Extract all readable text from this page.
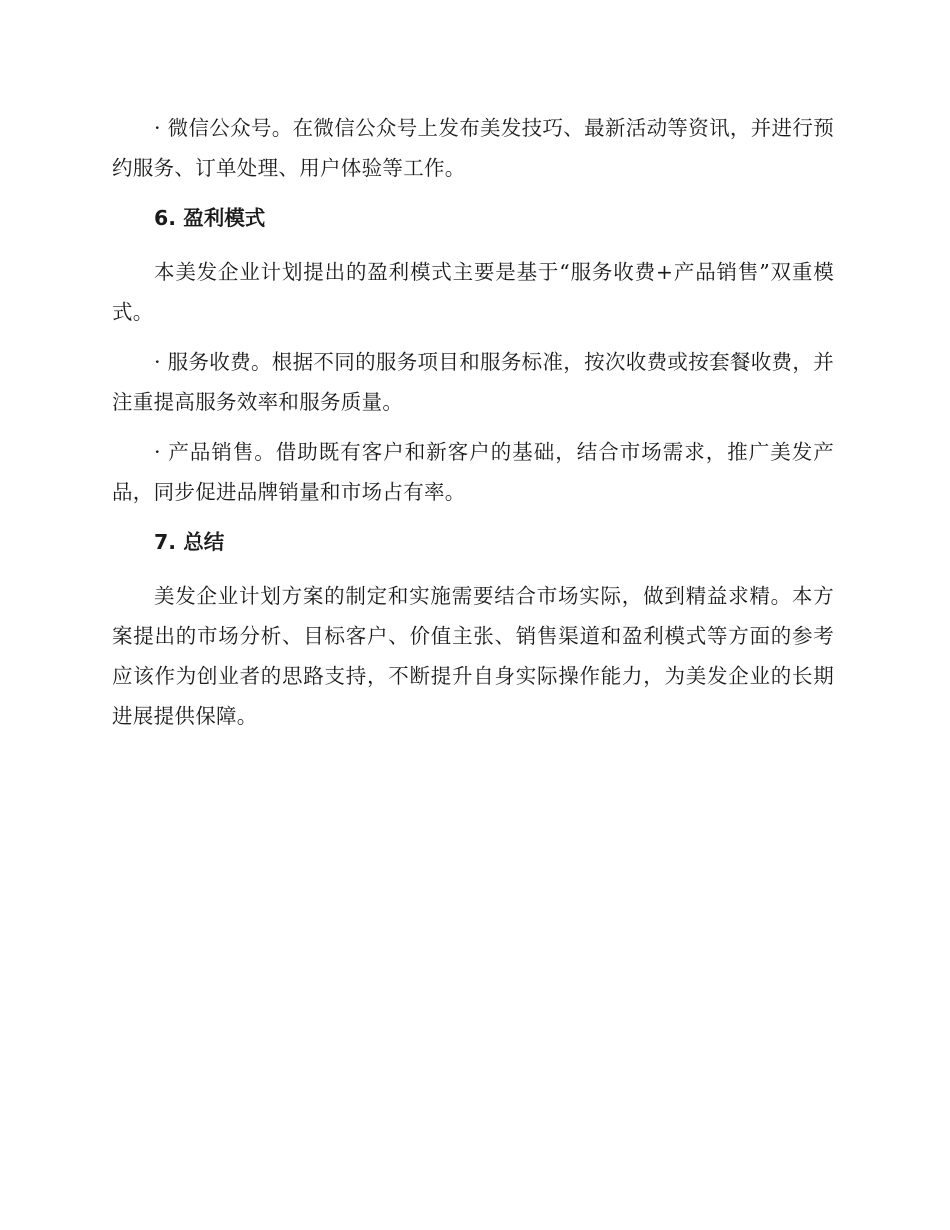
· 微信公众号。在微信公众号上发布美发技巧、最新活动等资讯，并进行预约服务、订单处理、用户体验等工作。

6. 盈利模式

本美发企业计划提出的盈利模式主要是基于“服务收费+产品销售”双重模式。

· 服务收费。根据不同的服务项目和服务标准，按次收费或按套餐收费，并注重提高服务效率和服务质量。

· 产品销售。借助既有客户和新客户的基础，结合市场需求，推广美发产品，同步促进品牌销量和市场占有率。

7. 总结

美发企业计划方案的制定和实施需要结合市场实际，做到精益求精。本方案提出的市场分析、目标客户、价值主张、销售渠道和盈利模式等方面的参考应该作为创业者的思路支持，不断提升自身实际操作能力，为美发企业的长期进展提供保障。
